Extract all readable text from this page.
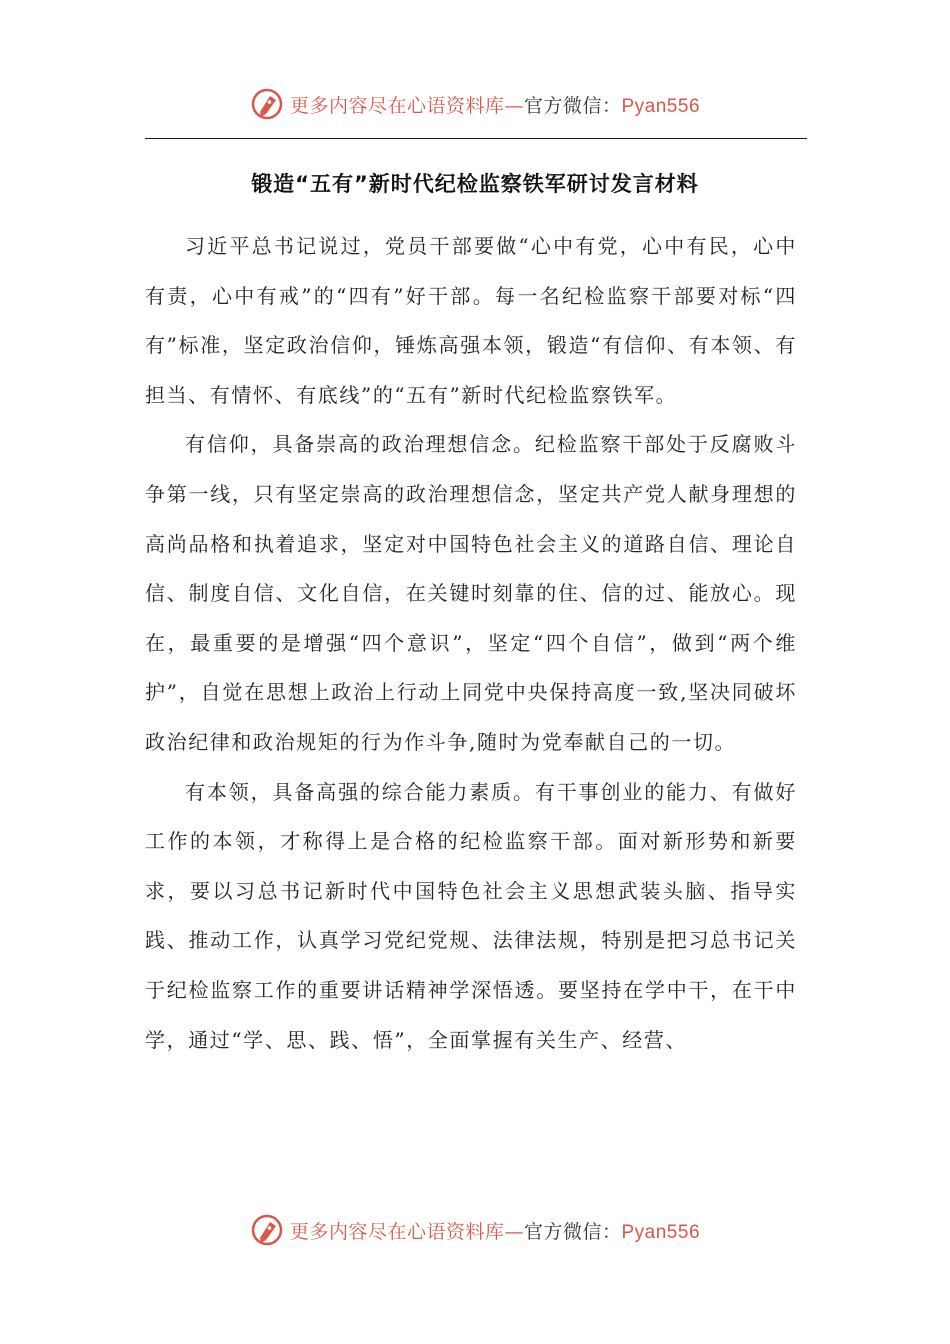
更多内容尽在心语资料库—官方微信：Pyan556
锻造“五有”新时代纪检监察铁军研讨发言材料

习近平总书记说过，党员干部要做“心中有党，心中有民，心中有责，心中有戒”的“四有”好干部。每一名纪检监察干部要对标“四有”标准，坚定政治信仰，锤炼高强本领，锻造“有信仰、有本领、有担当、有情怀、有底线”的“五有”新时代纪检监察铁军。

有信仰，具备崇高的政治理想信念。纪检监察干部处于反腐败斗争第一线，只有坚定崇高的政治理想信念，坚定共产党人献身理想的高尚品格和执着追求，坚定对中国特色社会主义的道路自信、理论自信、制度自信、文化自信，在关键时刻靠的住、信的过、能放心。现在，最重要的是增强“四个意识”，坚定“四个自信”，做到“两个维护”，自觉在思想上政治上行动上同党中央保持高度一致,坚决同破坏政治纪律和政治规矩的行为作斗争,随时为党奉献自己的一切。

有本领，具备高强的综合能力素质。有干事创业的能力、有做好工作的本领，才称得上是合格的纪检监察干部。面对新形势和新要求，要以习总书记新时代中国特色社会主义思想武装头脑、指导实践、推动工作，认真学习党纪党规、法律法规，特别是把习总书记关于纪检监察工作的重要讲话精神学深悟透。要坚持在学中干，在干中学，通过“学、思、践、悟”，全面掌握有关生产、经营、

更多内容尽在心语资料库—官方微信：Pyan556
